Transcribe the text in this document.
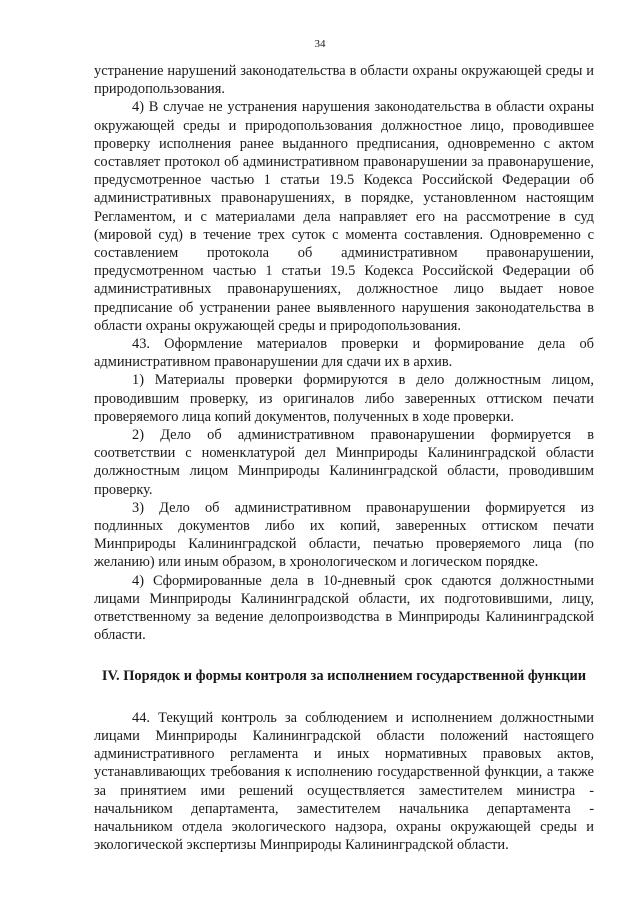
34

устранение нарушений законодательства в области охраны окружающей среды и природопользования.

4) В случае не устранения нарушения законодательства в области охраны окружающей среды и природопользования должностное лицо, проводившее проверку исполнения ранее выданного предписания, одновременно с актом составляет протокол об административном правонарушении за правонарушение, предусмотренное частью 1 статьи 19.5 Кодекса Российской Федерации об административных правонарушениях, в порядке, установленном настоящим Регламентом, и с материалами дела направляет его на рассмотрение в суд (мировой суд) в течение трех суток с момента составления. Одновременно с составлением протокола об административном правонарушении, предусмотренном частью 1 статьи 19.5 Кодекса Российской Федерации об административных правонарушениях, должностное лицо выдает новое предписание об устранении ранее выявленного нарушения законодательства в области охраны окружающей среды и природопользования.

43. Оформление материалов проверки и формирование дела об административном правонарушении для сдачи их в архив.

1) Материалы проверки формируются в дело должностным лицом, проводившим проверку, из оригиналов либо заверенных оттиском печати проверяемого лица копий документов, полученных в ходе проверки.

2) Дело об административном правонарушении формируется в соответствии с номенклатурой дел Минприроды Калининградской области должностным лицом Минприроды Калининградской области, проводившим проверку.

3) Дело об административном правонарушении формируется из подлинных документов либо их копий, заверенных оттиском печати Минприроды Калининградской области, печатью проверяемого лица (по желанию) или иным образом, в хронологическом и логическом порядке.

4) Сформированные дела в 10-дневный срок сдаются должностными лицами Минприроды Калининградской области, их подготовившими, лицу, ответственному за ведение делопроизводства в Минприроды Калининградской области.

IV. Порядок и формы контроля за исполнением государственной функции

44. Текущий контроль за соблюдением и исполнением должностными лицами Минприроды Калининградской области положений настоящего административного регламента и иных нормативных правовых актов, устанавливающих требования к исполнению государственной функции, а также за принятием ими решений осуществляется заместителем министра - начальником департамента, заместителем начальника департамента - начальником отдела экологического надзора, охраны окружающей среды и экологической экспертизы Минприроды Калининградской области.
